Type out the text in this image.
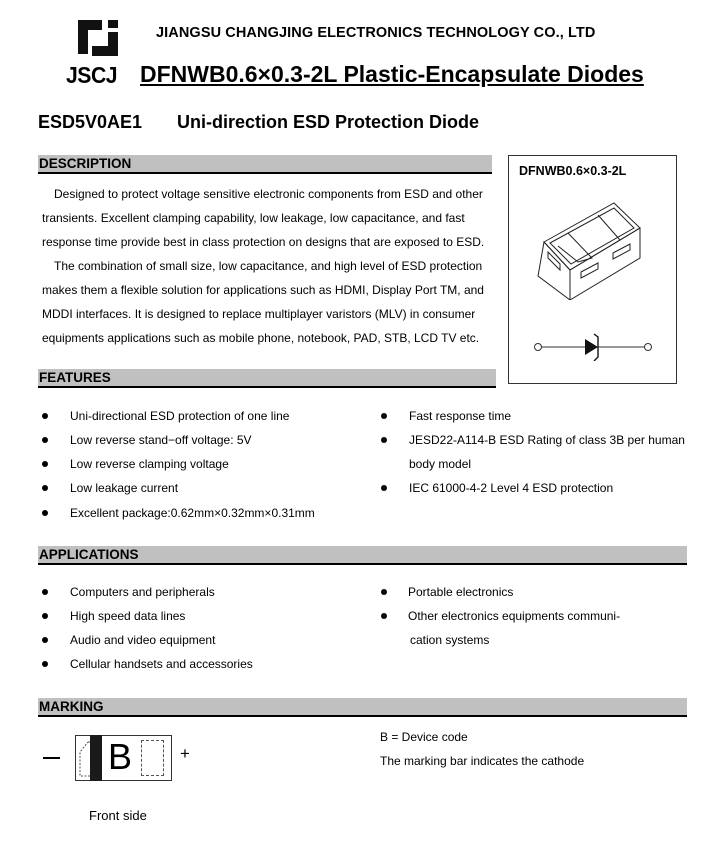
JIANGSU CHANGJING ELECTRONICS TECHNOLOGY CO., LTD
JSCJ DFNWB0.6×0.3-2L Plastic-Encapsulate Diodes
ESD5V0AE1 Uni-direction ESD Protection Diode
DESCRIPTION

Designed to protect voltage sensitive electronic components from ESD and other

transients. Excellent clamping capability, low leakage, low capacitance, and fast

response time provide best in class protection on designs that are exposed to ESD.

The combination of small size, low capacitance, and high level of ESD protection

makes them a flexible solution for applications such as HDMI, Display Port TM, and

MDDI interfaces. It is designed to replace multiplayer varistors (MLV) in consumer

equipments applications such as mobile phone, notebook, PAD, STB, LCD TV etc.

DFNWB0.6×0.3-2L
FEATURES
Uni-directional ESD protection of one line
Low reverse stand−off voltage: 5V
Low reverse clamping voltage
Low leakage current
Excellent package:0.62mm×0.32mm×0.31mm
Fast response time
JESD22-A114-B ESD Rating of class 3B per human
body model
IEC 61000-4-2 Level 4 ESD protection
APPLICATIONS
Computers and peripherals
High speed data lines
Audio and video equipment
Cellular handsets and accessories
Portable electronics
Other electronics equipments communi-
cation systems
MARKING
B	+
Front side
B = Device code
The marking bar indicates the cathode
